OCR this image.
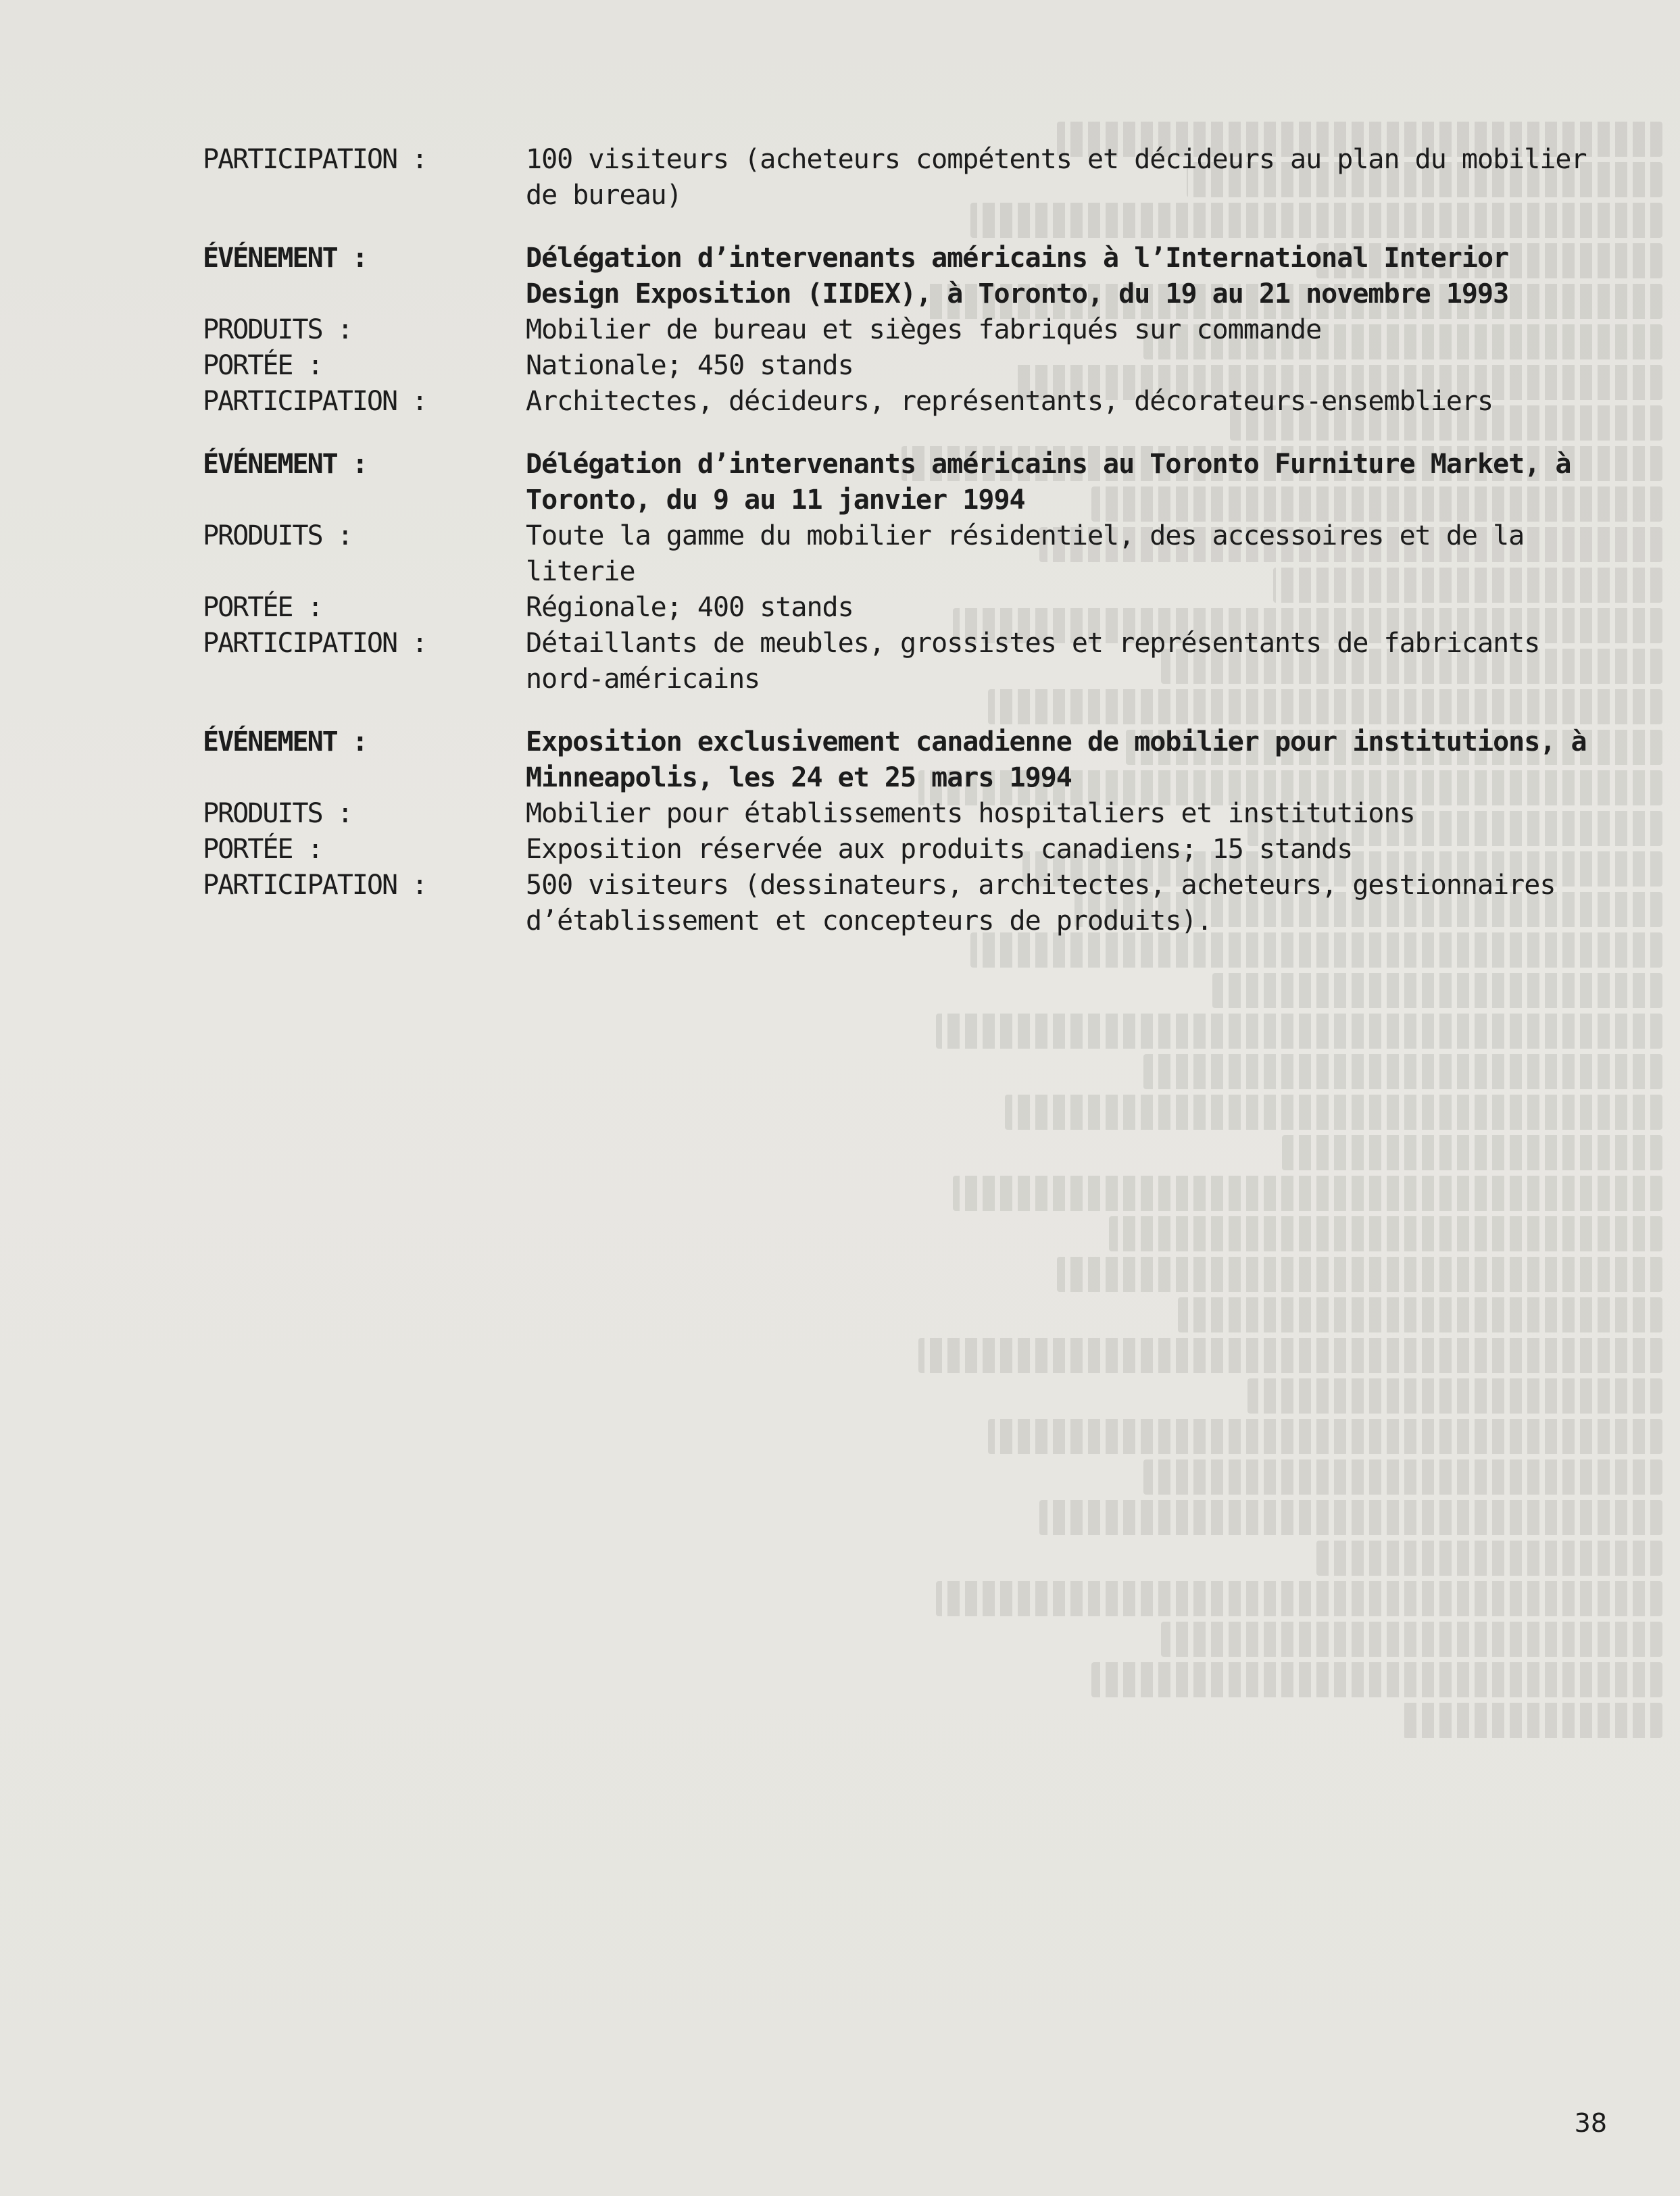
PARTICIPATION :	100 visiteurs (acheteurs compétents et décideurs au plan du mobilier de bureau)
ÉVÉNEMENT :	Délégation d’intervenants américains à l’International Interior Design Exposition (IIDEX), à Toronto, du 19 au 21 novembre 1993
PRODUITS :	Mobilier de bureau et sièges fabriqués sur commande
PORTÉE :	Nationale; 450 stands
PARTICIPATION :	Architectes, décideurs, représentants, décorateurs-ensembliers
ÉVÉNEMENT :	Délégation d’intervenants américains au Toronto Furniture Market, à Toronto, du 9 au 11 janvier 1994
PRODUITS :	Toute la gamme du mobilier résidentiel, des accessoires et de la literie
PORTÉE :	Régionale; 400 stands
PARTICIPATION :	Détaillants de meubles, grossistes et représentants de fabricants nord-américains
ÉVÉNEMENT :	Exposition exclusivement canadienne de mobilier pour institutions, à Minneapolis, les 24 et 25 mars 1994
PRODUITS :	Mobilier pour établissements hospitaliers et institutions
PORTÉE :	Exposition réservée aux produits canadiens; 15 stands
PARTICIPATION :	500 visiteurs (dessinateurs, architectes, acheteurs, gestionnaires d’établissement et concepteurs de produits).
38
